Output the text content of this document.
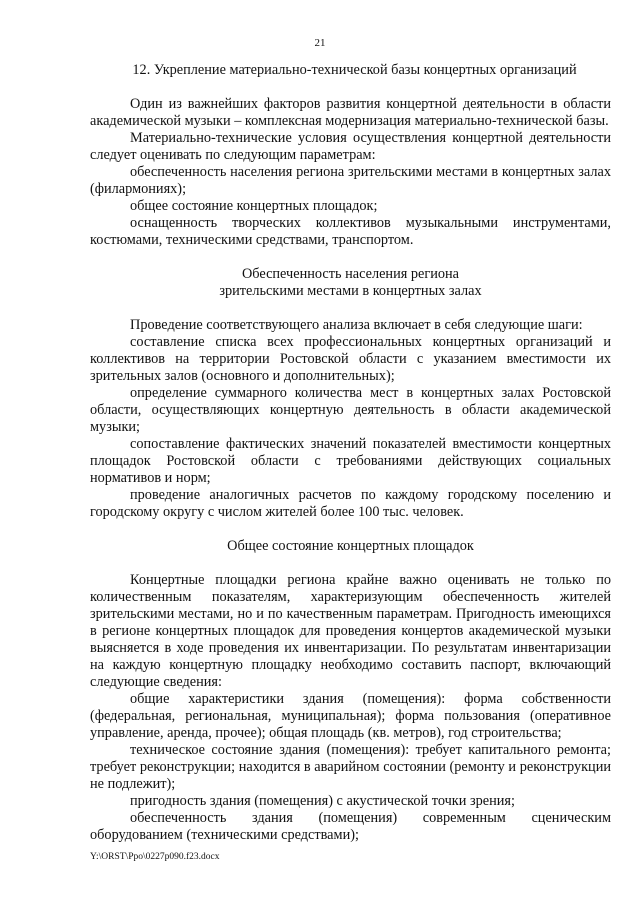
21
12. Укрепление материально-технической базы концертных организаций

Один из важнейших факторов развития концертной деятельности в области академической музыки – комплексная модернизация материально-технической базы.

Материально-технические условия осуществления концертной деятельности следует оценивать по следующим параметрам:

обеспеченность населения региона зрительскими местами в концертных залах (филармониях);

общее состояние концертных площадок;

оснащенность творческих коллективов музыкальными инструментами, костюмами, техническими средствами, транспортом.

Обеспеченность населения региона
зрительскими местами в концертных залах

Проведение соответствующего анализа включает в себя следующие шаги:

составление списка всех профессиональных концертных организаций и коллективов на территории Ростовской области с указанием вместимости их зрительных залов (основного и дополнительных);

определение суммарного количества мест в концертных залах Ростовской области, осуществляющих концертную деятельность в области академической музыки;

сопоставление фактических значений показателей вместимости концертных площадок Ростовской области с требованиями действующих социальных нормативов и норм;

проведение аналогичных расчетов по каждому городскому поселению и городскому округу с числом жителей более 100 тыс. человек.

Общее состояние концертных площадок

Концертные площадки региона крайне важно оценивать не только по количественным показателям, характеризующим обеспеченность жителей зрительскими местами, но и по качественным параметрам. Пригодность имеющихся в регионе концертных площадок для проведения концертов академической музыки выясняется в ходе проведения их инвентаризации. По результатам инвентаризации на каждую концертную площадку необходимо составить паспорт, включающий следующие сведения:

общие характеристики здания (помещения): форма собственности (федеральная, региональная, муниципальная); форма пользования (оперативное управление, аренда, прочее); общая площадь (кв. метров), год строительства;

техническое состояние здания (помещения): требует капитального ремонта; требует реконструкции; находится в аварийном состоянии (ремонту и реконструкции не подлежит);

пригодность здания (помещения) с акустической точки зрения;

обеспеченность здания (помещения) современным сценическим оборудованием (техническими средствами);

Y:\ORST\Ppo\0227p090.f23.docx
